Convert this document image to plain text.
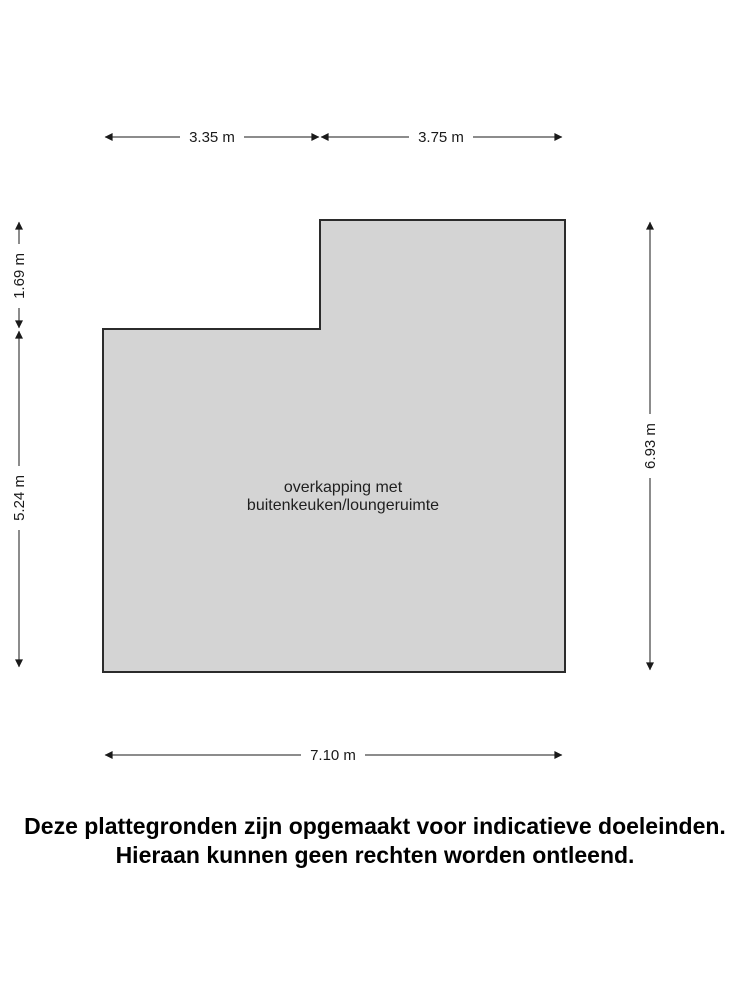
overkapping met
buitenkeuken/loungeruimte
3.35 m	3.75 m
1.69 m
5.24 m
6.93 m
7.10 m
Deze plattegronden zijn opgemaakt voor indicatieve doeleinden.
Hieraan kunnen geen rechten worden ontleend.
